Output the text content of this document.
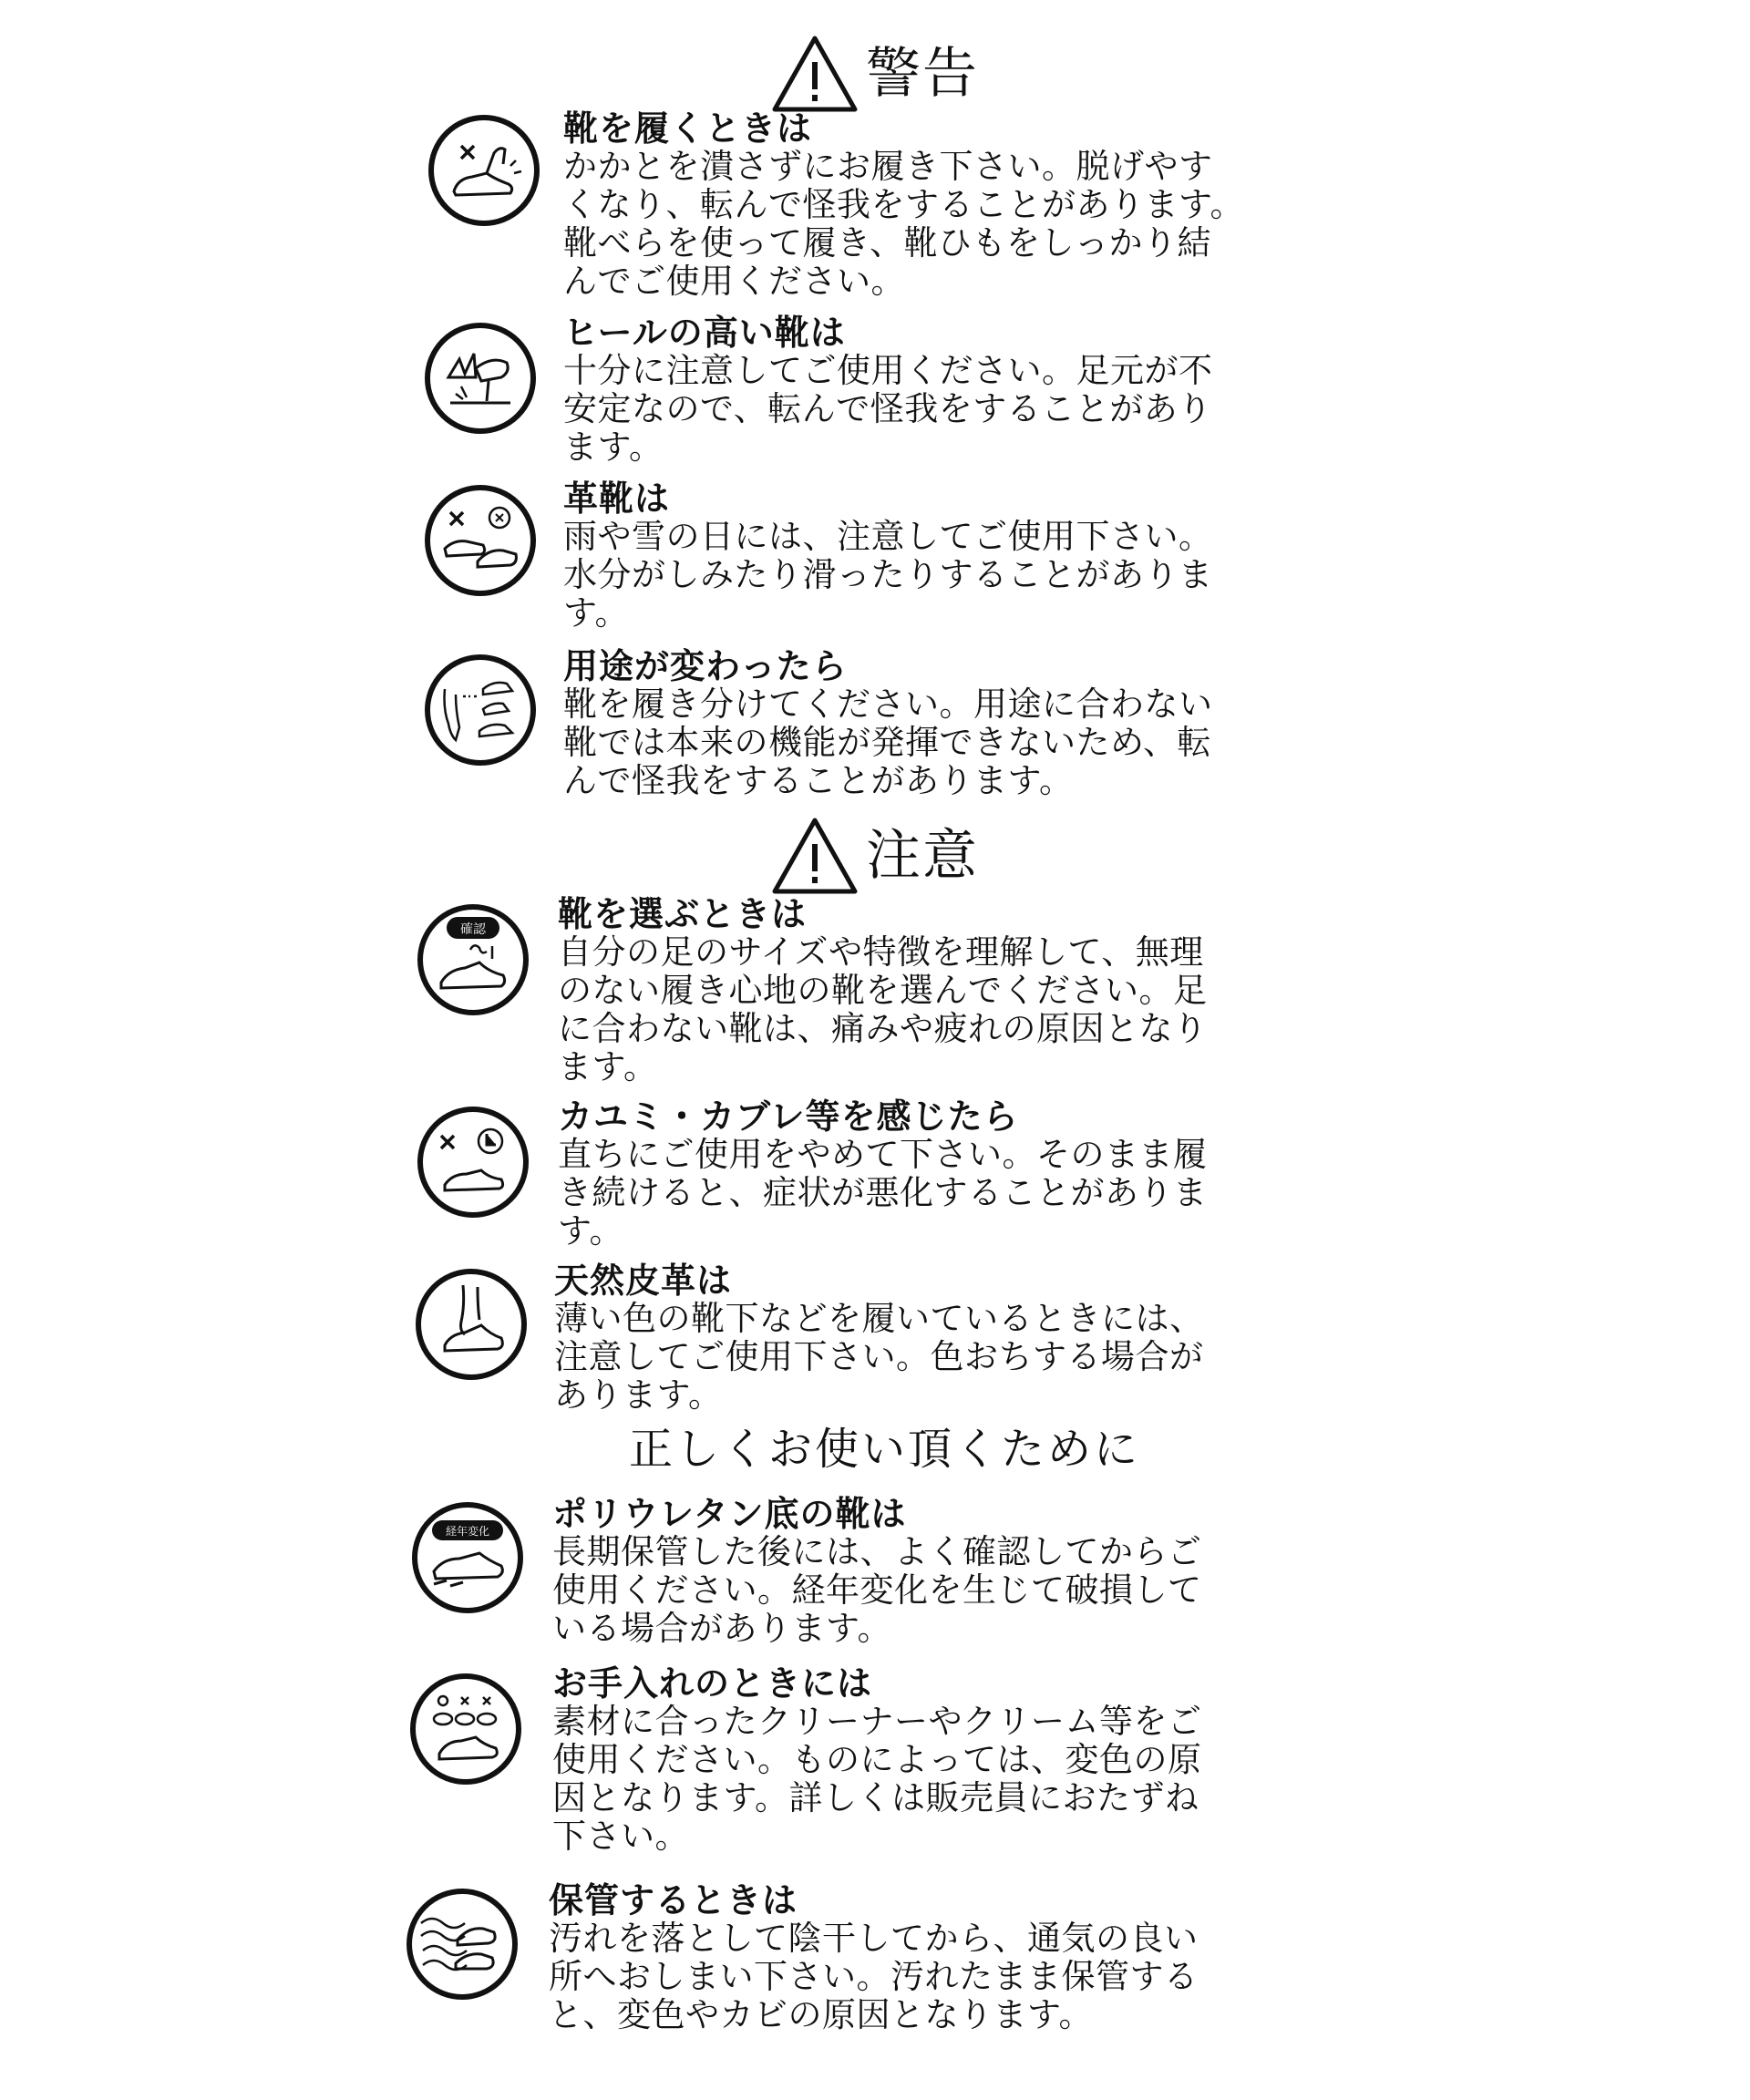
警告
靴を履くときは
かかとを潰さずにお履き下さい。脱げやす
くなり、転んで怪我をすることがあります。
靴べらを使って履き、靴ひもをしっかり結
んでご使用ください。
ヒールの高い靴は
十分に注意してご使用ください。足元が不
安定なので、転んで怪我をすることがあり
ます。
革靴は
雨や雪の日には、注意してご使用下さい。
水分がしみたり滑ったりすることがありま
す。
用途が変わったら
靴を履き分けてください。用途に合わない
靴では本来の機能が発揮できないため、転
んで怪我をすることがあります。
注意
確認 靴を選ぶときは
自分の足のサイズや特徴を理解して、無理
のない履き心地の靴を選んでください。足
に合わない靴は、痛みや疲れの原因となり
ます。
カユミ・カブレ等を感じたら
直ちにご使用をやめて下さい。そのまま履
き続けると、症状が悪化することがありま
す。
天然皮革は
薄い色の靴下などを履いているときには、
注意してご使用下さい。色おちする場合が
あります。
正しくお使い頂くために
経年変化 ポリウレタン底の靴は
長期保管した後には、よく確認してからご
使用ください。経年変化を生じて破損して
いる場合があります。
お手入れのときには
素材に合ったクリーナーやクリーム等をご
使用ください。ものによっては、変色の原
因となります。詳しくは販売員におたずね
下さい。
保管するときは
汚れを落として陰干してから、通気の良い
所へおしまい下さい。汚れたまま保管する
と、変色やカビの原因となります。
